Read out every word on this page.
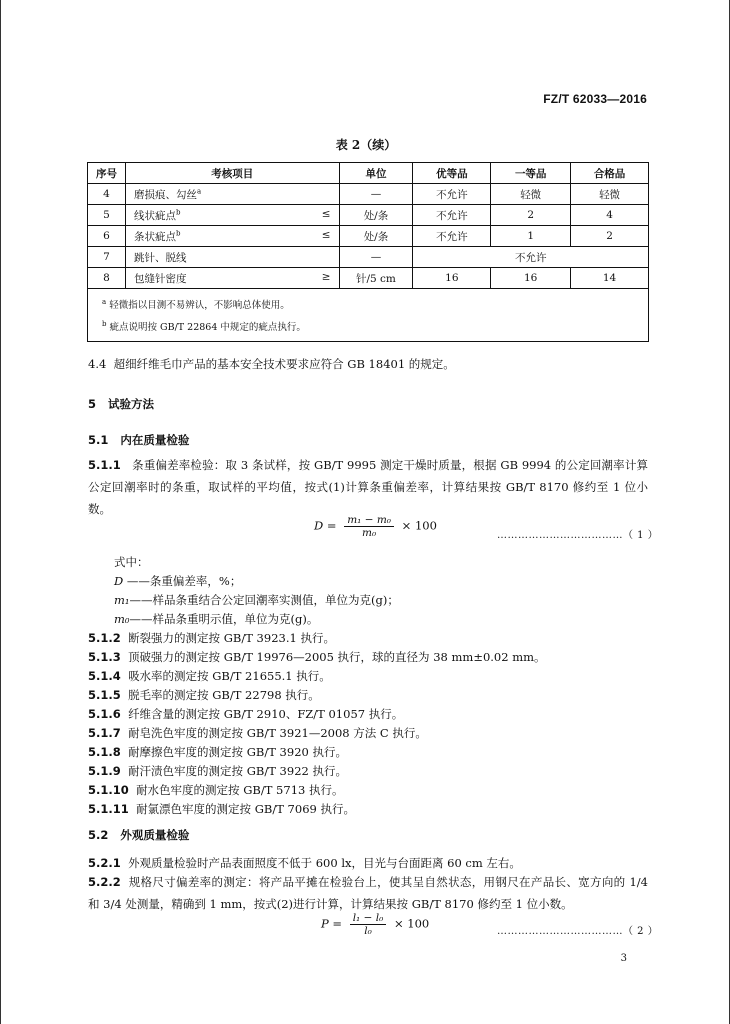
FZ/T 62033—2016
表 2（续）
序号	考核项目	单位	优等品	一等品	合格品
4	磨损痕、勾丝$^a$	—	不允许	轻微	轻微
5	线状疵点$^b$ ≤	处/条	不允许	2	4
6	条状疵点$^b$ ≤	处/条	不允许	1	2
7	跳针、脱线	—	不允许		
8	包缝针密度 ≥	针/5 cm	16	16	14

$^a$ 轻微指以目测不易辨认，不影响总体使用。
$^b$ 疵点说明按 GB/T 22864 中规定的疵点执行。					
4.4 超细纤维毛巾产品的基本安全技术要求应符合 GB 18401 的规定。
5 试验方法
5.1 内在质量检验
5.1.1 条重偏差率检验：取 3 条试样，按 GB/T 9995 测定干燥时质量，根据 GB 9994 的公定回潮率计算公定回潮率时的条重，取试样的平均值，按式(1)计算条重偏差率，计算结果按 GB/T 8170 修约至 1 位小数。
$D = \frac{\text{m₁ − m₀}}{\text{m₀}} \times 100$
………………………………（ 1 ）
式中：
D ——条重偏差率，%；
m₁——样品条重结合公定回潮率实测值，单位为克(g)；
m₀——样品条重明示值，单位为克(g)。
5.1.2 断裂强力的测定按 GB/T 3923.1 执行。
5.1.3 顶破强力的测定按 GB/T 19976—2005 执行，球的直径为 38 mm±0.02 mm。
5.1.4 吸水率的测定按 GB/T 21655.1 执行。
5.1.5 脱毛率的测定按 GB/T 22798 执行。
5.1.6 纤维含量的测定按 GB/T 2910、FZ/T 01057 执行。
5.1.7 耐皂洗色牢度的测定按 GB/T 3921—2008 方法 C 执行。
5.1.8 耐摩擦色牢度的测定按 GB/T 3920 执行。
5.1.9 耐汗渍色牢度的测定按 GB/T 3922 执行。
5.1.10 耐水色牢度的测定按 GB/T 5713 执行。
5.1.11 耐氯漂色牢度的测定按 GB/T 7069 执行。
5.2 外观质量检验
5.2.1 外观质量检验时产品表面照度不低于 600 lx，目光与台面距离 60 cm 左右。
5.2.2 规格尺寸偏差率的测定：将产品平摊在检验台上，使其呈自然状态，用钢尺在产品长、宽方向的 1/4 和 3/4 处测量，精确到 1 mm，按式(2)进行计算，计算结果按 GB/T 8170 修约至 1 位小数。
$P = \frac{\text{l₁ − l₀}}{\text{l₀}} \times 100$
………………………………（ 2 ）
3
